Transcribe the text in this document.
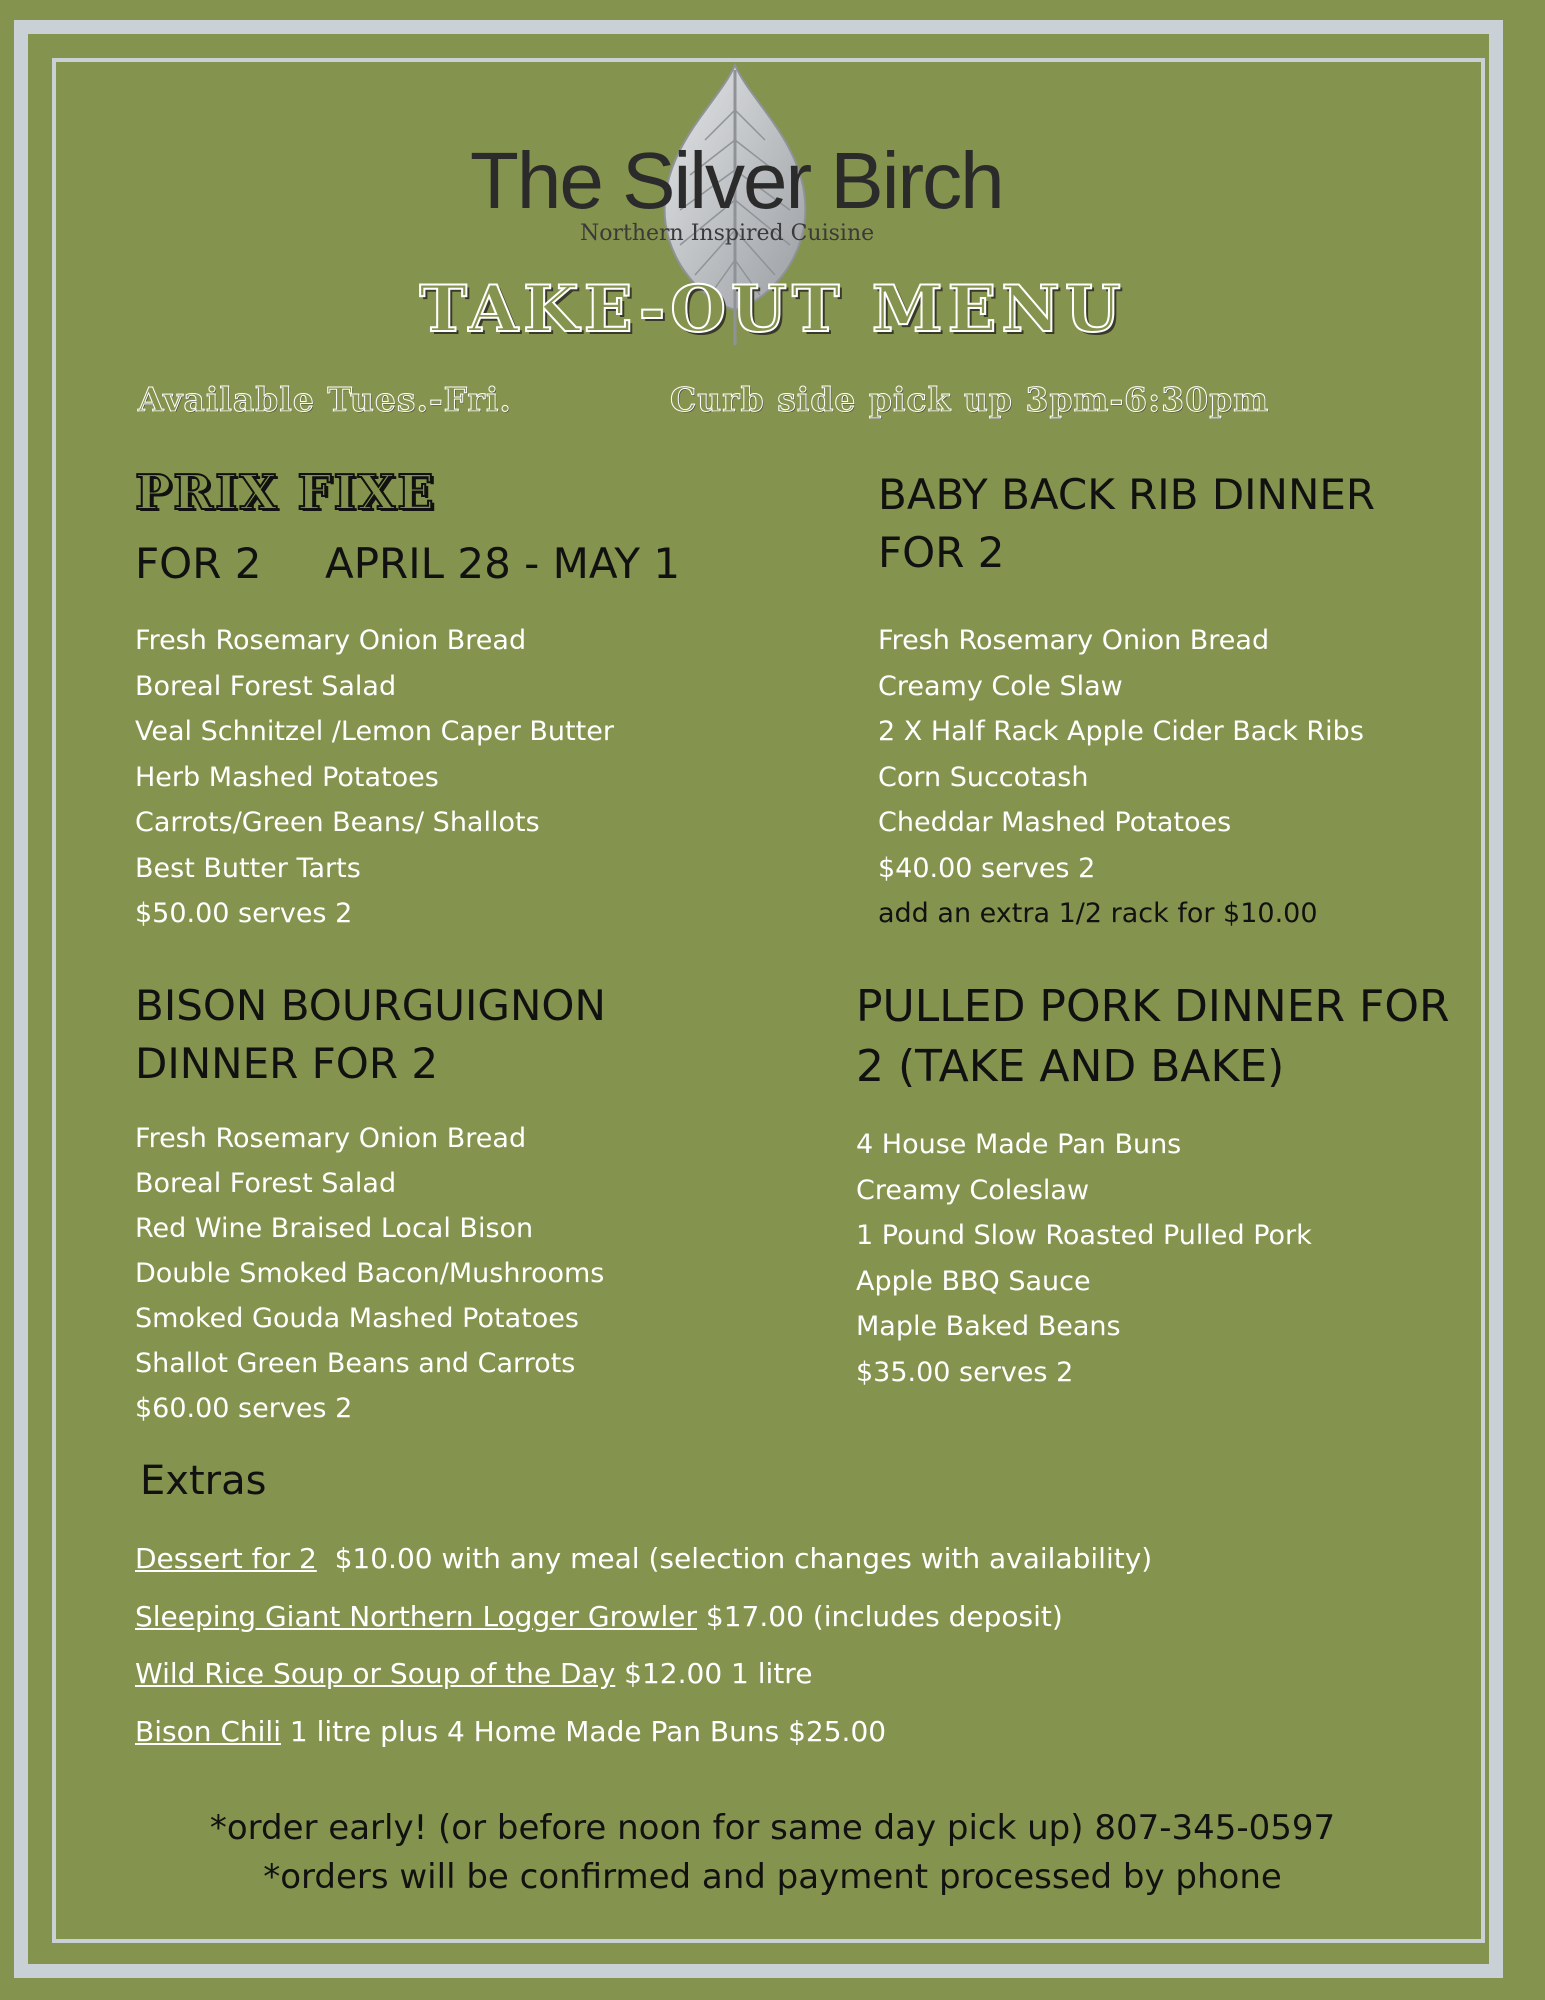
The Silver Birch
Northern Inspired Cuisine
TAKE-OUT MENU
Available Tues.-Fri.	Curb side pick up 3pm-6:30pm
PRIX FIXE
FOR 2 APRIL 28 - MAY 1
Fresh Rosemary Onion Bread
Boreal Forest Salad
Veal Schnitzel /Lemon Caper Butter
Herb Mashed Potatoes
Carrots/Green Beans/ Shallots
Best Butter Tarts
$50.00 serves 2
BABY BACK RIB DINNER
FOR 2
Fresh Rosemary Onion Bread
Creamy Cole Slaw
2 X Half Rack Apple Cider Back Ribs
Corn Succotash
Cheddar Mashed Potatoes
$40.00 serves 2
add an extra 1/2 rack for $10.00
BISON BOURGUIGNON
DINNER FOR 2
Fresh Rosemary Onion Bread
Boreal Forest Salad
Red Wine Braised Local Bison
Double Smoked Bacon/Mushrooms
Smoked Gouda Mashed Potatoes
Shallot Green Beans and Carrots
$60.00 serves 2
PULLED PORK DINNER FOR
2 (TAKE AND BAKE)
4 House Made Pan Buns
Creamy Coleslaw
1 Pound Slow Roasted Pulled Pork
Apple BBQ Sauce
Maple Baked Beans
$35.00 serves 2
Extras
Dessert for 2  $10.00 with any meal (selection changes with availability)
Sleeping Giant Northern Logger Growler $17.00 (includes deposit)
Wild Rice Soup or Soup of the Day $12.00 1 litre
Bison Chili 1 litre plus 4 Home Made Pan Buns $25.00
*order early! (or before noon for same day pick up) 807-345-0597
*orders will be confirmed and payment processed by phone
